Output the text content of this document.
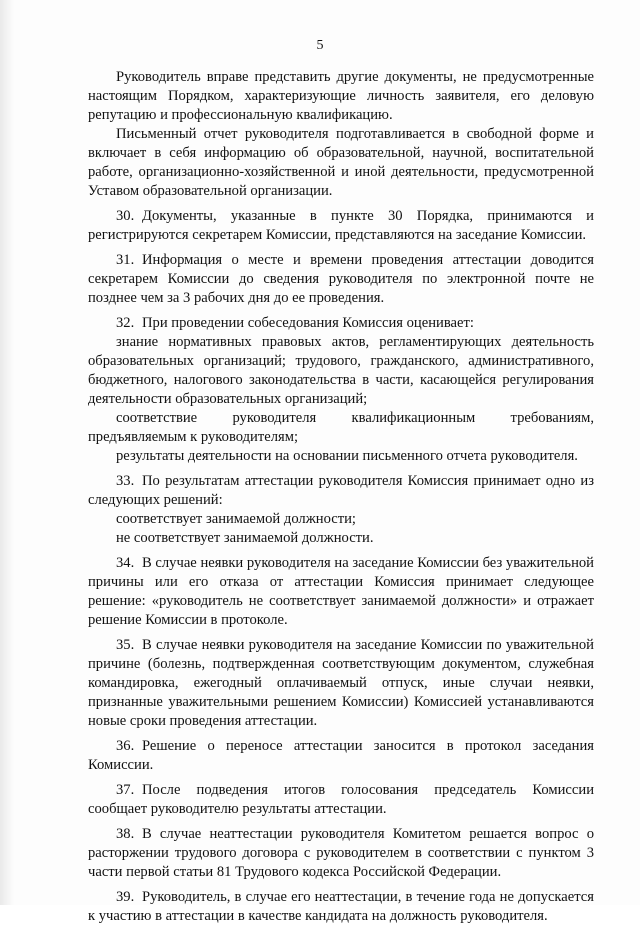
5

Руководитель вправе представить другие документы, не предусмотренные настоящим Порядком, характеризующие личность заявителя, его деловую репутацию и профессиональную квалификацию.

Письменный отчет руководителя подготавливается в свободной форме и включает в себя информацию об образовательной, научной, воспитательной работе, организационно-хозяйственной и иной деятельности, предусмотренной Уставом образовательной организации.

30. Документы, указанные в пункте 30 Порядка, принимаются и регистрируются секретарем Комиссии, представляются на заседание Комиссии.

31. Информация о месте и времени проведения аттестации доводится секретарем Комиссии до сведения руководителя по электронной почте не позднее чем за 3 рабочих дня до ее проведения.

32. При проведении собеседования Комиссия оценивает:

знание нормативных правовых актов, регламентирующих деятельность образовательных организаций; трудового, гражданского, административного, бюджетного, налогового законодательства в части, касающейся регулирования деятельности образовательных организаций;

соответствие руководителя квалификационным требованиям, предъявляемым к руководителям;

результаты деятельности на основании письменного отчета руководителя.

33. По результатам аттестации руководителя Комиссия принимает одно из следующих решений:

соответствует занимаемой должности;

не соответствует занимаемой должности.

34. В случае неявки руководителя на заседание Комиссии без уважительной причины или его отказа от аттестации Комиссия принимает следующее решение: «руководитель не соответствует занимаемой должности» и отражает решение Комиссии в протоколе.

35. В случае неявки руководителя на заседание Комиссии по уважительной причине (болезнь, подтвержденная соответствующим документом, служебная командировка, ежегодный оплачиваемый отпуск, иные случаи неявки, признанные уважительными решением Комиссии) Комиссией устанавливаются новые сроки проведения аттестации.

36. Решение о переносе аттестации заносится в протокол заседания Комиссии.

37. После подведения итогов голосования председатель Комиссии сообщает руководителю результаты аттестации.

38. В случае неаттестации руководителя Комитетом решается вопрос о расторжении трудового договора с руководителем в соответствии с пунктом 3 части первой статьи 81 Трудового кодекса Российской Федерации.

39. Руководитель, в случае его неаттестации, в течение года не допускается к участию в аттестации в качестве кандидата на должность руководителя.
